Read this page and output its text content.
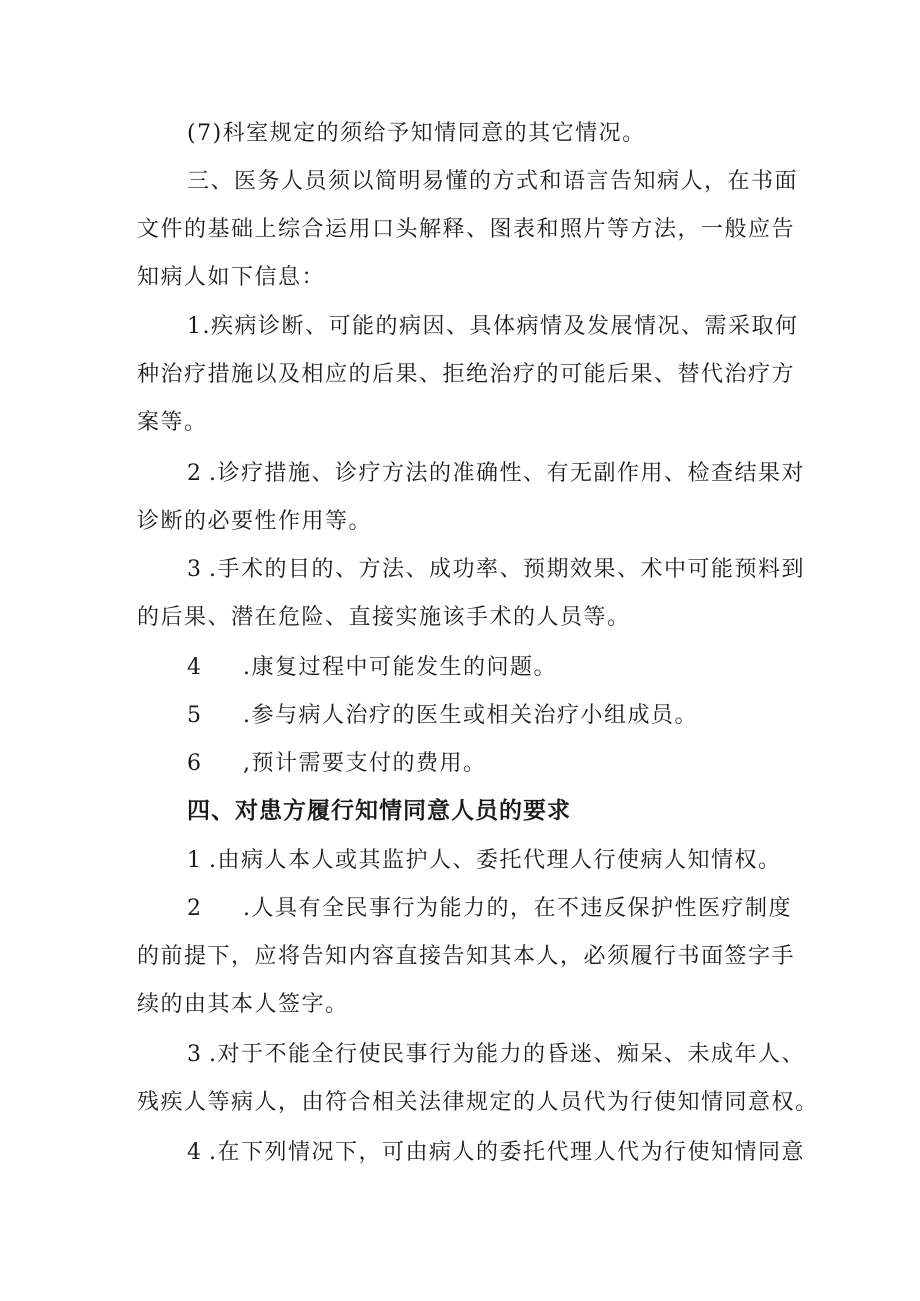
(7)科室规定的须给予知情同意的其它情况。
三、医务人员须以简明易懂的方式和语言告知病人，在书面
文件的基础上综合运用口头解释、图表和照片等方法，一般应告
知病人如下信息：
1.疾病诊断、可能的病因、具体病情及发展情况、需采取何
种治疗措施以及相应的后果、拒绝治疗的可能后果、替代治疗方
案等。
2 .诊疗措施、诊疗方法的准确性、有无副作用、检查结果对
诊断的必要性作用等。
3 .手术的目的、方法、成功率、预期效果、术中可能预料到
的后果、潜在危险、直接实施该手术的人员等。
4 .康复过程中可能发生的问题。
5 .参与病人治疗的医生或相关治疗小组成员。
6 ,预计需要支付的费用。
四、对患方履行知情同意人员的要求
1 .由病人本人或其监护人、委托代理人行使病人知情权。
2 .人具有全民事行为能力的，在不违反保护性医疗制度
的前提下，应将告知内容直接告知其本人，必须履行书面签字手
续的由其本人签字。
3 .对于不能全行使民事行为能力的昏迷、痴呆、未成年人、
残疾人等病人，由符合相关法律规定的人员代为行使知情同意权。
4 .在下列情况下，可由病人的委托代理人代为行使知情同意
